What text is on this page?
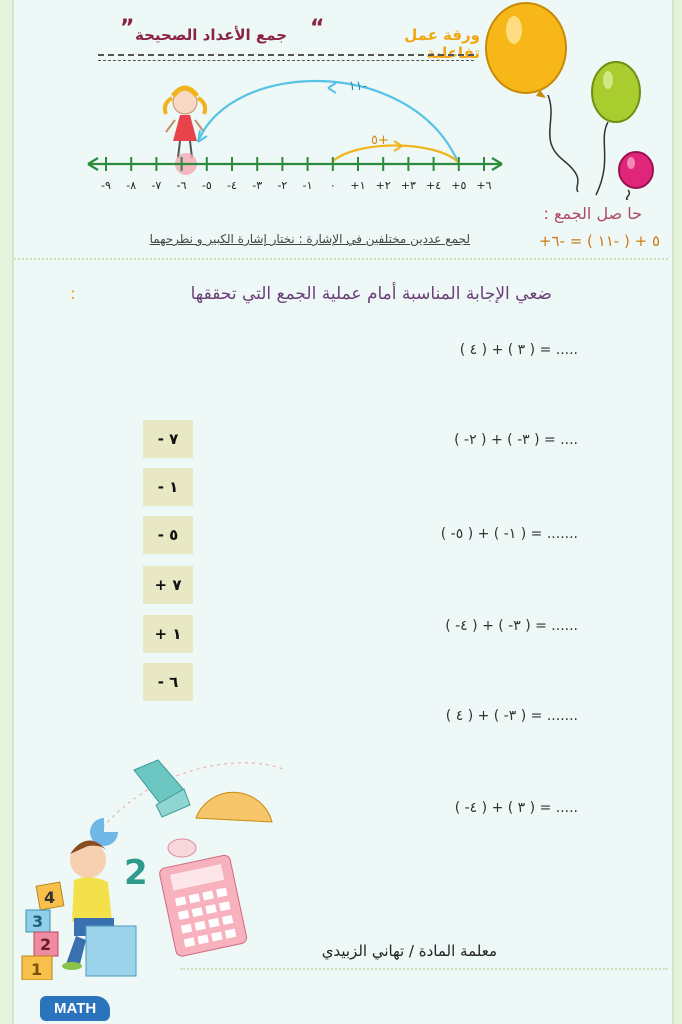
“	ورقة عمل تفاعلية
جمع الأعداد الصحيحة
”
-٩ -٨ -٧ -٦ -٥ -٤ -٣ -٢ -١ ٠ +١ +٢ +٣ +٤ +٥ +٦
-١١
+٥
حا صل الجمع :
لجمع عددين مختلفين في الإشارة : نختار إشارة الكبير و نطرحهما	+٥ + ( -١١ ) = -٦
ضعي الإجابة المناسبة أمام عملية الجمع التي تحققها
:
( ٤ ) + ( ٣ ) = .....
( -٢ ) + ( -٣ ) = ....
( -٥ ) + ( -١ ) = .......
( -٤ ) + ( -٣ ) = ......
( ٤ ) + ( -٣ ) = .......
( -٤ ) + ( ٣ ) = .....
- ٧
- ١
- ٥
+ ٧
+ ١
- ٦
2
4
3
2
1
معلمة المادة / تهاني الزبيدي
MATH
